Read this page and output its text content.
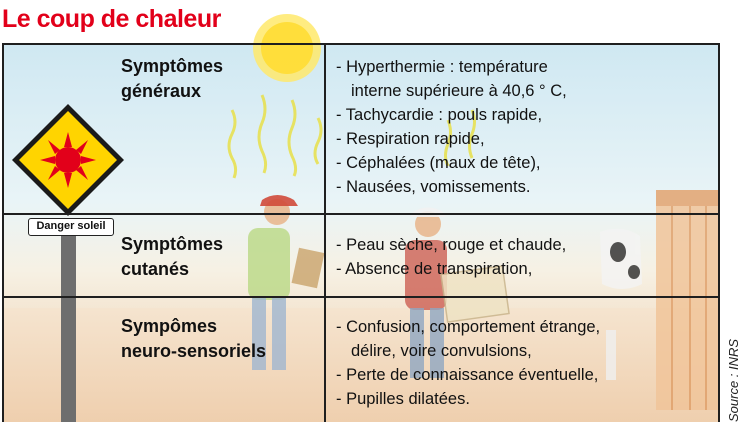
Le coup de chaleur
Danger soleil
Symptômes
généraux
- Hyperthermie : température
interne supérieure à 40,6 ° C,
- Tachycardie : pouls rapide,
- Respiration rapide,
- Céphalées (maux de tête),
- Nausées, vomissements.
Symptômes
cutanés
- Peau sèche, rouge et chaude,
- Absence de transpiration,
Sympômes
neuro-sensoriels
- Confusion, comportement étrange,
délire, voire convulsions,
- Perte de connaissance éventuelle,
- Pupilles dilatées.	Source : INRS
